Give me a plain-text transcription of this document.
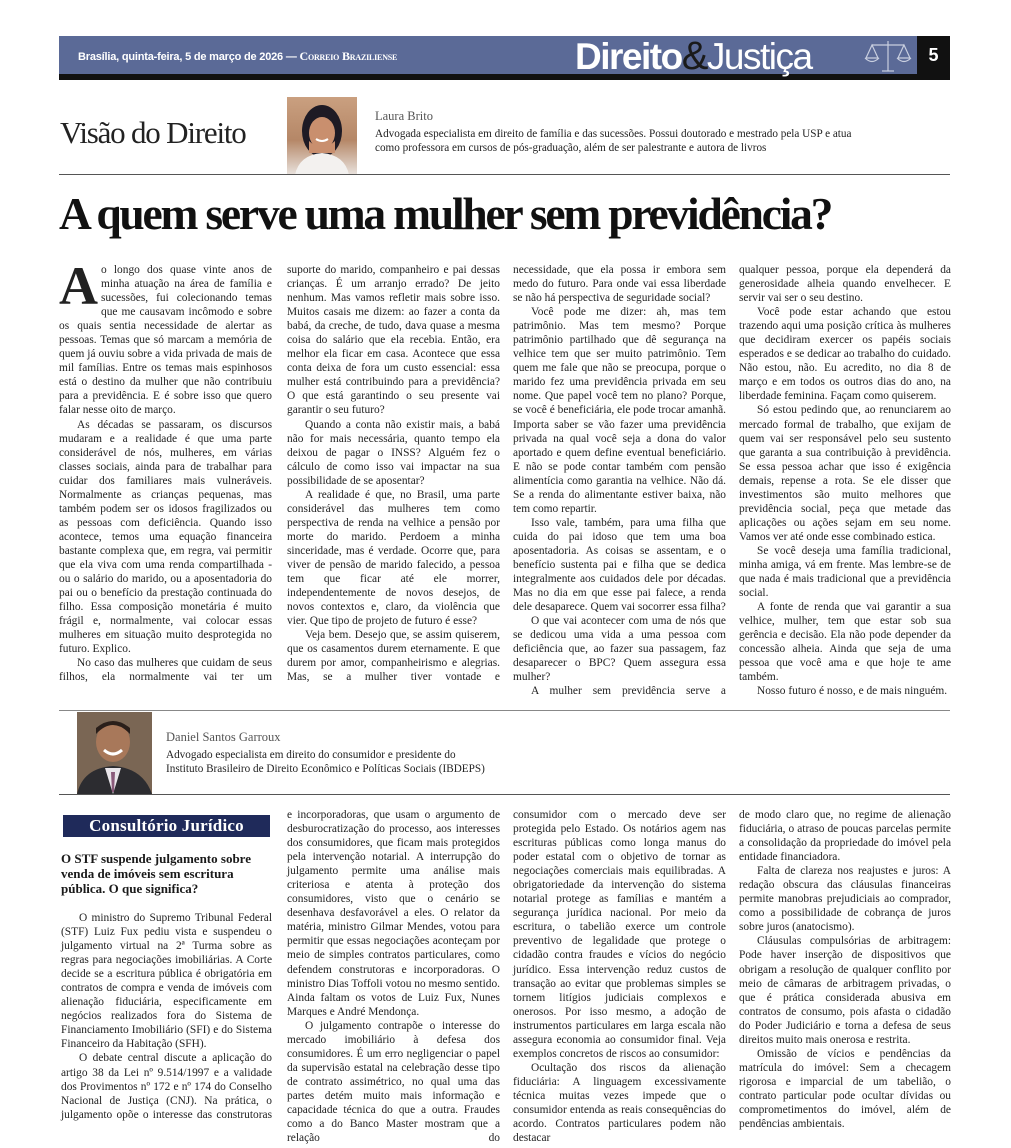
Brasília, quinta-feira, 5 de março de 2026 — Correio Braziliense	Direito&Justiça	5
Visão do Direito	Laura Brito
Advogada especialista em direito de família e das sucessões. Possui doutorado e mestrado pela USP e atua como professora em cursos de pós-graduação, além de ser palestrante e autora de livros
A quem serve uma mulher sem previdência?

Ao longo dos quase vinte anos de minha atuação na área de família e sucessões, fui colecionando temas que me causavam incômodo e sobre os quais sentia necessidade de alertar as pessoas. Temas que só marcam a memória de quem já ouviu sobre a vida privada de mais de mil famílias. Entre os temas mais espinhosos está o destino da mulher que não contribuiu para a previdência. E é sobre isso que quero falar nesse oito de março.

As décadas se passaram, os discursos mudaram e a realidade é que uma parte considerável de nós, mulheres, em várias classes sociais, ainda para de trabalhar para cuidar dos familiares mais vulneráveis. Normalmente as crianças pequenas, mas também podem ser os idosos fragilizados ou as pessoas com deficiência. Quando isso acontece, temos uma equação financeira bastante complexa que, em regra, vai permitir que ela viva com uma renda compartilhada - ou o salário do marido, ou a aposentadoria do pai ou o benefício da prestação continuada do filho. Essa composição monetária é muito frágil e, normalmente, vai colocar essas mulheres em situação muito desprotegida no futuro. Explico.

No caso das mulheres que cuidam de seus filhos, ela normalmente vai ter um

suporte do marido, companheiro e pai dessas crianças. É um arranjo errado? De jeito nenhum. Mas vamos refletir mais sobre isso. Muitos casais me dizem: ao fazer a conta da babá, da creche, de tudo, dava quase a mesma coisa do salário que ela recebia. Então, era melhor ela ficar em casa. Acontece que essa conta deixa de fora um custo essencial: essa mulher está contribuindo para a previdência? O que está garantindo o seu presente vai garantir o seu futuro?

Quando a conta não existir mais, a babá não for mais necessária, quanto tempo ela deixou de pagar o INSS? Alguém fez o cálculo de como isso vai impactar na sua possibilidade de se aposentar?

A realidade é que, no Brasil, uma parte considerável das mulheres tem como perspectiva de renda na velhice a pensão por morte do marido. Perdoem a minha sinceridade, mas é verdade. Ocorre que, para viver de pensão de marido falecido, a pessoa tem que ficar até ele morrer, independentemente de novos desejos, de novos contextos e, claro, da violência que vier. Que tipo de projeto de futuro é esse?

Veja bem. Desejo que, se assim quiserem, que os casamentos durem eternamente. E que durem por amor, companheirismo e alegrias. Mas, se a mulher tiver vontade e

necessidade, que ela possa ir embora sem medo do futuro. Para onde vai essa liberdade se não há perspectiva de seguridade social?

Você pode me dizer: ah, mas tem patrimônio. Mas tem mesmo? Porque patrimônio partilhado que dê segurança na velhice tem que ser muito patrimônio. Tem quem me fale que não se preocupa, porque o marido fez uma previdência privada em seu nome. Que papel você tem no plano? Porque, se você é beneficiária, ele pode trocar amanhã. Importa saber se vão fazer uma previdência privada na qual você seja a dona do valor aportado e quem define eventual beneficiário. E não se pode contar também com pensão alimentícia como garantia na velhice. Não dá. Se a renda do alimentante estiver baixa, não tem como repartir.

Isso vale, também, para uma filha que cuida do pai idoso que tem uma boa aposentadoria. As coisas se assentam, e o benefício sustenta pai e filha que se dedica integralmente aos cuidados dele por décadas. Mas no dia em que esse pai falece, a renda dele desaparece. Quem vai socorrer essa filha?

O que vai acontecer com uma de nós que se dedicou uma vida a uma pessoa com deficiência que, ao fazer sua passagem, faz desaparecer o BPC? Quem assegura essa mulher?

A mulher sem previdência serve a

qualquer pessoa, porque ela dependerá da generosidade alheia quando envelhecer. E servir vai ser o seu destino.

Você pode estar achando que estou trazendo aqui uma posição crítica às mulheres que decidiram exercer os papéis sociais esperados e se dedicar ao trabalho do cuidado. Não estou, não. Eu acredito, no dia 8 de março e em todos os outros dias do ano, na liberdade feminina. Façam como quiserem.

Só estou pedindo que, ao renunciarem ao mercado formal de trabalho, que exijam de quem vai ser responsável pelo seu sustento que garanta a sua contribuição à previdência. Se essa pessoa achar que isso é exigência demais, repense a rota. Se ele disser que investimentos são muito melhores que previdência social, peça que metade das aplicações ou ações sejam em seu nome. Vamos ver até onde esse combinado estica.

Se você deseja uma família tradicional, minha amiga, vá em frente. Mas lembre-se de que nada é mais tradicional que a previdência social.

A fonte de renda que vai garantir a sua velhice, mulher, tem que estar sob sua gerência e decisão. Ela não pode depender da concessão alheia. Ainda que seja de uma pessoa que você ama e que hoje te ame também.

Nosso futuro é nosso, e de mais ninguém.

Daniel Santos Garroux
Advogado especialista em direito do consumidor e presidente do
Instituto Brasileiro de Direito Econômico e Políticas Sociais (IBDEPS)
Consultório Jurídico
O STF suspende julgamento sobre venda de imóveis sem escritura pública. O que significa?

O ministro do Supremo Tribunal Federal (STF) Luiz Fux pediu vista e suspendeu o julgamento virtual na 2ª Turma sobre as regras para negociações imobiliárias. A Corte decide se a escritura pública é obrigatória em contratos de compra e venda de imóveis com alienação fiduciária, especificamente em negócios realizados fora do Sistema de Financiamento Imobiliário (SFI) e do Sistema Financeiro da Habitação (SFH).

O debate central discute a aplicação do artigo 38 da Lei nº 9.514/1997 e a validade dos Provimentos nº 172 e nº 174 do Conselho Nacional de Justiça (CNJ). Na prática, o julgamento opõe o interesse das construtoras

e incorporadoras, que usam o argumento de desburocratização do processo, aos interesses dos consumidores, que ficam mais protegidos pela intervenção notarial. A interrupção do julgamento permite uma análise mais criteriosa e atenta à proteção dos consumidores, visto que o cenário se desenhava desfavorável a eles. O relator da matéria, ministro Gilmar Mendes, votou para permitir que essas negociações aconteçam por meio de simples contratos particulares, como defendem construtoras e incorporadoras. O ministro Dias Toffoli votou no mesmo sentido. Ainda faltam os votos de Luiz Fux, Nunes Marques e André Mendonça.

O julgamento contrapõe o interesse do mercado imobiliário à defesa dos consumidores. É um erro negligenciar o papel da supervisão estatal na celebração desse tipo de contrato assimétrico, no qual uma das partes detém muito mais informação e capacidade técnica do que a outra. Fraudes como a do Banco Master mostram que a relação do

consumidor com o mercado deve ser protegida pelo Estado. Os notários agem nas escrituras públicas como longa manus do poder estatal com o objetivo de tornar as negociações comerciais mais equilibradas. A obrigatoriedade da intervenção do sistema notarial protege as famílias e mantém a segurança jurídica nacional. Por meio da escritura, o tabelião exerce um controle preventivo de legalidade que protege o cidadão contra fraudes e vícios do negócio jurídico. Essa intervenção reduz custos de transação ao evitar que problemas simples se tornem litígios judiciais complexos e onerosos. Por isso mesmo, a adoção de instrumentos particulares em larga escala não assegura economia ao consumidor final. Veja exemplos concretos de riscos ao consumidor:

Ocultação dos riscos da alienação fiduciária: A linguagem excessivamente técnica muitas vezes impede que o consumidor entenda as reais consequências do acordo. Contratos particulares podem não destacar

de modo claro que, no regime de alienação fiduciária, o atraso de poucas parcelas permite a consolidação da propriedade do imóvel pela entidade financiadora.

Falta de clareza nos reajustes e juros: A redação obscura das cláusulas financeiras permite manobras prejudiciais ao comprador, como a possibilidade de cobrança de juros sobre juros (anatocismo).

Cláusulas compulsórias de arbitragem: Pode haver inserção de dispositivos que obrigam a resolução de qualquer conflito por meio de câmaras de arbitragem privadas, o que é prática considerada abusiva em contratos de consumo, pois afasta o cidadão do Poder Judiciário e torna a defesa de seus direitos muito mais onerosa e restrita.

Omissão de vícios e pendências da matrícula do imóvel: Sem a checagem rigorosa e imparcial de um tabelião, o contrato particular pode ocultar dívidas ou comprometimentos do imóvel, além de pendências ambientais.
